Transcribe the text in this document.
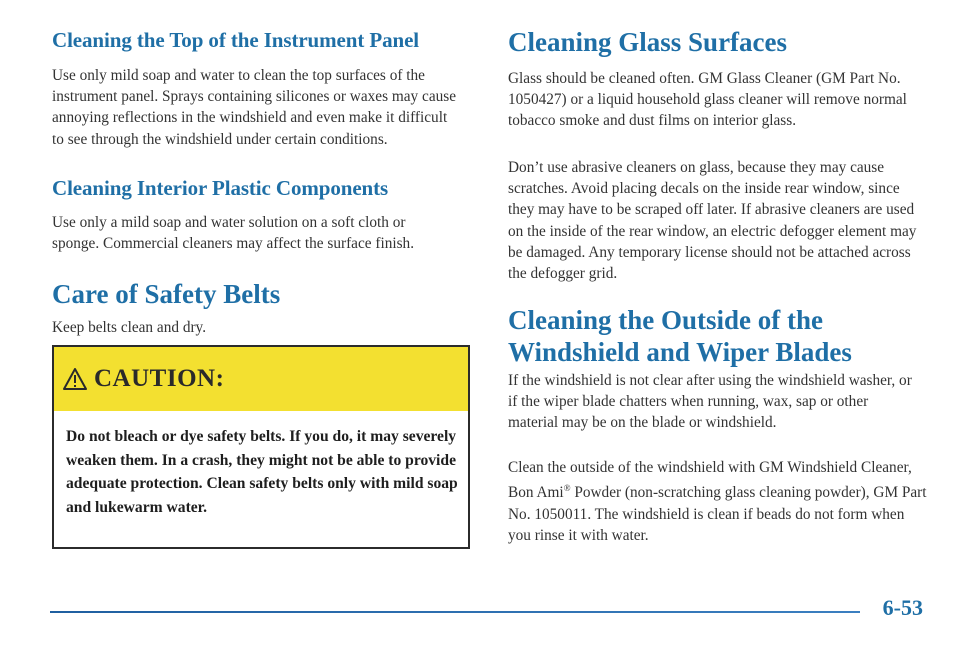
Cleaning the Top of the Instrument Panel

Use only mild soap and water to clean the top surfaces of the instrument panel. Sprays containing silicones or waxes may cause annoying reflections in the windshield and even make it difficult to see through the windshield under certain conditions.

Cleaning Interior Plastic Components

Use only a mild soap and water solution on a soft cloth or sponge. Commercial cleaners may affect the surface finish.

Care of Safety Belts

Keep belts clean and dry.

CAUTION:

Do not bleach or dye safety belts. If you do, it may severely weaken them. In a crash, they might not be able to provide adequate protection. Clean safety belts only with mild soap and lukewarm water.

Cleaning Glass Surfaces

Glass should be cleaned often. GM Glass Cleaner (GM Part No. 1050427) or a liquid household glass cleaner will remove normal tobacco smoke and dust films on interior glass.

Don’t use abrasive cleaners on glass, because they may cause scratches. Avoid placing decals on the inside rear window, since they may have to be scraped off later. If abrasive cleaners are used on the inside of the rear window, an electric defogger element may be damaged. Any temporary license should not be attached across the defogger grid.

Cleaning the Outside of the
Windshield and Wiper Blades

If the windshield is not clear after using the windshield washer, or if the wiper blade chatters when running, wax, sap or other material may be on the blade or windshield.

Clean the outside of the windshield with GM Windshield Cleaner, Bon Ami® Powder (non-scratching glass cleaning powder), GM Part No. 1050011. The windshield is clean if beads do not form when you rinse it with water.

6-53
